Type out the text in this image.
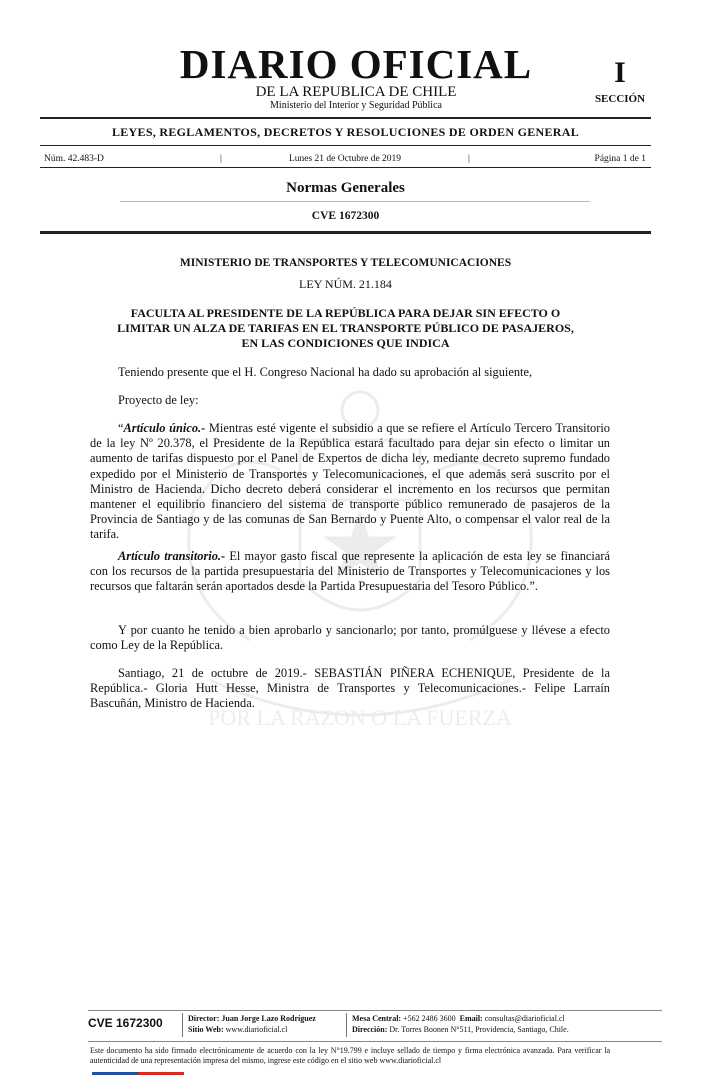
POR LA RAZON O LA FUERZA
DIARIO OFICIAL
DE LA REPUBLICA DE CHILE
Ministerio del Interior y Seguridad Pública
I
SECCIÓN
LEYES, REGLAMENTOS, DECRETOS Y RESOLUCIONES DE ORDEN GENERAL
Núm. 42.483-D	|	Lunes 21 de Octubre de 2019	|	Página 1 de 1
Normas Generales
CVE 1672300
MINISTERIO DE TRANSPORTES Y TELECOMUNICACIONES
LEY NÚM. 21.184
FACULTA AL PRESIDENTE DE LA REPÚBLICA PARA DEJAR SIN EFECTO O
LIMITAR UN ALZA DE TARIFAS EN EL TRANSPORTE PÚBLICO DE PASAJEROS,
EN LAS CONDICIONES QUE INDICA

Teniendo presente que el H. Congreso Nacional ha dado su aprobación al siguiente,

Proyecto de ley:

“Artículo único.- Mientras esté vigente el subsidio a que se refiere el Artículo Tercero Transitorio de la ley Nº 20.378, el Presidente de la República estará facultado para dejar sin efecto o limitar un aumento de tarifas dispuesto por el Panel de Expertos de dicha ley, mediante decreto supremo fundado expedido por el Ministerio de Transportes y Telecomunicaciones, el que además será suscrito por el Ministro de Hacienda. Dicho decreto deberá considerar el incremento en los recursos que permitan mantener el equilibrio financiero del sistema de transporte público remunerado de pasajeros de la Provincia de Santiago y de las comunas de San Bernardo y Puente Alto, o compensar el valor real de la tarifa.

Artículo transitorio.- El mayor gasto fiscal que represente la aplicación de esta ley se financiará con los recursos de la partida presupuestaria del Ministerio de Transportes y Telecomunicaciones y los recursos que faltarán serán aportados desde la Partida Presupuestaria del Tesoro Público.”.

Y por cuanto he tenido a bien aprobarlo y sancionarlo; por tanto, promúlguese y llévese a efecto como Ley de la República.

Santiago, 21 de octubre de 2019.- SEBASTIÁN PIÑERA ECHENIQUE, Presidente de la República.- Gloria Hutt Hesse, Ministra de Transportes y Telecomunicaciones.- Felipe Larraín Bascuñán, Ministro de Hacienda.

CVE 1672300	Director: Juan Jorge Lazo Rodríguez
Sitio Web: www.diarioficial.cl
Mesa Central: +562 2486 3600 Email: consultas@diarioficial.cl
Dirección: Dr. Torres Boonen N°511, Providencia, Santiago, Chile.
Este documento ha sido firmado electrónicamente de acuerdo con la ley N°19.799 e incluye sellado de tiempo y firma electrónica avanzada. Para verificar la autenticidad de una representación impresa del mismo, ingrese este código en el sitio web www.diarioficial.cl
